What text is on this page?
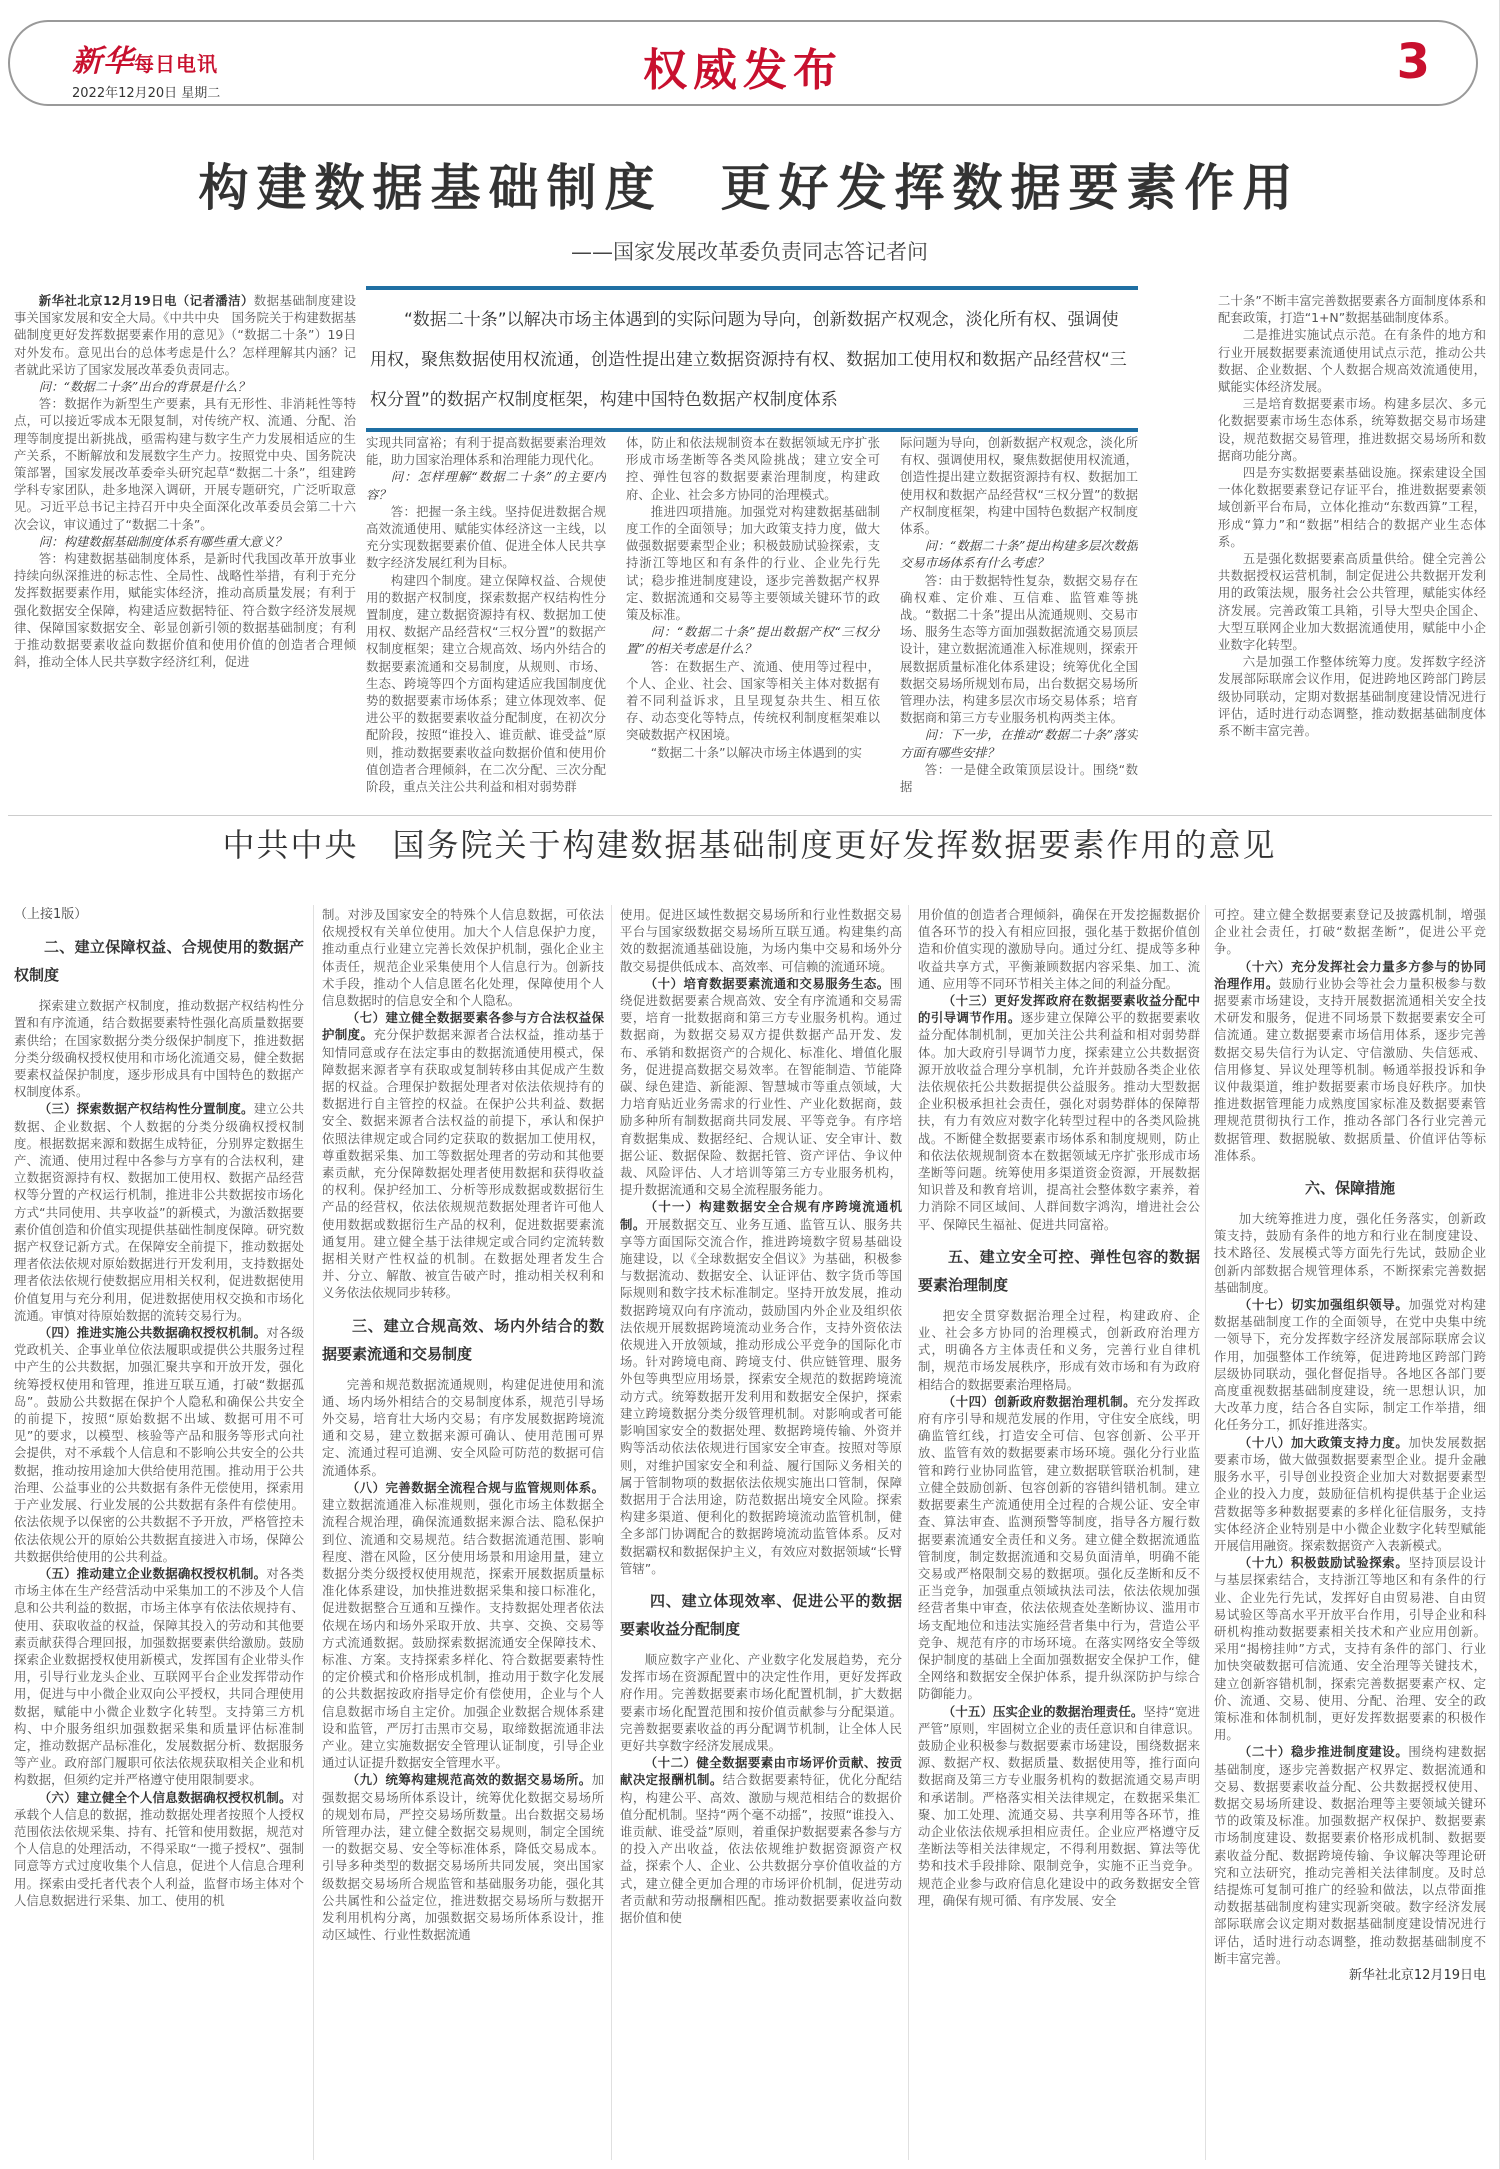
新华每日电讯
2022年12月20日 星期二	权威发布	3
构建数据基础制度　更好发挥数据要素作用
——国家发展改革委负责同志答记者问

“数据二十条”以解决市场主体遇到的实际问题为导向，创新数据产权观念，淡化所有权、强调使用权，聚焦数据使用权流通，创造性提出建立数据资源持有权、数据加工使用权和数据产品经营权“三权分置”的数据产权制度框架，构建中国特色数据产权制度体系

新华社北京12月19日电（记者潘洁）数据基础制度建设事关国家发展和安全大局。《中共中央　国务院关于构建数据基础制度更好发挥数据要素作用的意见》（“数据二十条”）19日对外发布。意见出台的总体考虑是什么？怎样理解其内涵？记者就此采访了国家发展改革委负责同志。

问：“数据二十条”出台的背景是什么？

答：数据作为新型生产要素，具有无形性、非消耗性等特点，可以接近零成本无限复制，对传统产权、流通、分配、治理等制度提出新挑战，亟需构建与数字生产力发展相适应的生产关系，不断解放和发展数字生产力。按照党中央、国务院决策部署，国家发展改革委牵头研究起草“数据二十条”，组建跨学科专家团队，赴多地深入调研，开展专题研究，广泛听取意见。习近平总书记主持召开中央全面深化改革委员会第二十六次会议，审议通过了“数据二十条”。

问：构建数据基础制度体系有哪些重大意义？

答：构建数据基础制度体系，是新时代我国改革开放事业持续向纵深推进的标志性、全局性、战略性举措，有利于充分发挥数据要素作用，赋能实体经济，推动高质量发展；有利于强化数据安全保障，构建适应数据特征、符合数字经济发展规律、保障国家数据安全、彰显创新引领的数据基础制度；有利于推动数据要素收益向数据价值和使用价值的创造者合理倾斜，推动全体人民共享数字经济红利，促进

实现共同富裕；有利于提高数据要素治理效能，助力国家治理体系和治理能力现代化。

问：怎样理解“数据二十条”的主要内容？

答：把握一条主线。坚持促进数据合规高效流通使用、赋能实体经济这一主线，以充分实现数据要素价值、促进全体人民共享数字经济发展红利为目标。

构建四个制度。建立保障权益、合规使用的数据产权制度，探索数据产权结构性分置制度，建立数据资源持有权、数据加工使用权、数据产品经营权“三权分置”的数据产权制度框架；建立合规高效、场内外结合的数据要素流通和交易制度，从规则、市场、生态、跨境等四个方面构建适应我国制度优势的数据要素市场体系；建立体现效率、促进公平的数据要素收益分配制度，在初次分配阶段，按照“谁投入、谁贡献、谁受益”原则，推动数据要素收益向数据价值和使用价值创造者合理倾斜，在二次分配、三次分配阶段，重点关注公共利益和相对弱势群

体，防止和依法规制资本在数据领域无序扩张形成市场垄断等各类风险挑战；建立安全可控、弹性包容的数据要素治理制度，构建政府、企业、社会多方协同的治理模式。

推进四项措施。加强党对构建数据基础制度工作的全面领导；加大政策支持力度，做大做强数据要素型企业；积极鼓励试验探索，支持浙江等地区和有条件的行业、企业先行先试；稳步推进制度建设，逐步完善数据产权界定、数据流通和交易等主要领域关键环节的政策及标准。

问：“数据二十条”提出数据产权“三权分置”的相关考虑是什么？

答：在数据生产、流通、使用等过程中，个人、企业、社会、国家等相关主体对数据有着不同利益诉求，且呈现复杂共生、相互依存、动态变化等特点，传统权利制度框架难以突破数据产权困境。

“数据二十条”以解决市场主体遇到的实

际问题为导向，创新数据产权观念，淡化所有权、强调使用权，聚焦数据使用权流通，创造性提出建立数据资源持有权、数据加工使用权和数据产品经营权“三权分置”的数据产权制度框架，构建中国特色数据产权制度体系。

问：“数据二十条”提出构建多层次数据交易市场体系有什么考虑？

答：由于数据特性复杂，数据交易存在确权难、定价难、互信难、监管难等挑战。“数据二十条”提出从流通规则、交易市场、服务生态等方面加强数据流通交易顶层设计，建立数据流通准入标准规则，探索开展数据质量标准化体系建设；统筹优化全国数据交易场所规划布局，出台数据交易场所管理办法，构建多层次市场交易体系；培育数据商和第三方专业服务机构两类主体。

问：下一步，在推动“数据二十条”落实方面有哪些安排？

答：一是健全政策顶层设计。围绕“数据

二十条”不断丰富完善数据要素各方面制度体系和配套政策，打造“1+N”数据基础制度体系。

二是推进实施试点示范。在有条件的地方和行业开展数据要素流通使用试点示范，推动公共数据、企业数据、个人数据合规高效流通使用，赋能实体经济发展。

三是培育数据要素市场。构建多层次、多元化数据要素市场生态体系，统筹数据交易市场建设，规范数据交易管理，推进数据交易场所和数据商功能分离。

四是夯实数据要素基础设施。探索建设全国一体化数据要素登记存证平台，推进数据要素领域创新平台布局，立体化推动“东数西算”工程，形成“算力”和“数据”相结合的数据产业生态体系。

五是强化数据要素高质量供给。健全完善公共数据授权运营机制，制定促进公共数据开发利用的政策法规，服务社会公共管理，赋能实体经济发展。完善政策工具箱，引导大型央企国企、大型互联网企业加大数据流通使用，赋能中小企业数字化转型。

六是加强工作整体统筹力度。发挥数字经济发展部际联席会议作用，促进跨地区跨部门跨层级协同联动，定期对数据基础制度建设情况进行评估，适时进行动态调整，推动数据基础制度体系不断丰富完善。

中共中央　国务院关于构建数据基础制度更好发挥数据要素作用的意见

（上接1版）

二、建立保障权益、合规使用的数据产权制度

探索建立数据产权制度，推动数据产权结构性分置和有序流通，结合数据要素特性强化高质量数据要素供给；在国家数据分类分级保护制度下，推进数据分类分级确权授权使用和市场化流通交易，健全数据要素权益保护制度，逐步形成具有中国特色的数据产权制度体系。

（三）探索数据产权结构性分置制度。建立公共数据、企业数据、个人数据的分类分级确权授权制度。根据数据来源和数据生成特征，分别界定数据生产、流通、使用过程中各参与方享有的合法权利，建立数据资源持有权、数据加工使用权、数据产品经营权等分置的产权运行机制，推进非公共数据按市场化方式“共同使用、共享收益”的新模式，为激活数据要素价值创造和价值实现提供基础性制度保障。研究数据产权登记新方式。在保障安全前提下，推动数据处理者依法依规对原始数据进行开发利用，支持数据处理者依法依规行使数据应用相关权利，促进数据使用价值复用与充分利用，促进数据使用权交换和市场化流通。审慎对待原始数据的流转交易行为。

（四）推进实施公共数据确权授权机制。对各级党政机关、企事业单位依法履职或提供公共服务过程中产生的公共数据，加强汇聚共享和开放开发，强化统筹授权使用和管理，推进互联互通，打破“数据孤岛”。鼓励公共数据在保护个人隐私和确保公共安全的前提下，按照“原始数据不出域、数据可用不可见”的要求，以模型、核验等产品和服务等形式向社会提供，对不承载个人信息和不影响公共安全的公共数据，推动按用途加大供给使用范围。推动用于公共治理、公益事业的公共数据有条件无偿使用，探索用于产业发展、行业发展的公共数据有条件有偿使用。依法依规予以保密的公共数据不予开放，严格管控未依法依规公开的原始公共数据直接进入市场，保障公共数据供给使用的公共利益。

（五）推动建立企业数据确权授权机制。对各类市场主体在生产经营活动中采集加工的不涉及个人信息和公共利益的数据，市场主体享有依法依规持有、使用、获取收益的权益，保障其投入的劳动和其他要素贡献获得合理回报，加强数据要素供给激励。鼓励探索企业数据授权使用新模式，发挥国有企业带头作用，引导行业龙头企业、互联网平台企业发挥带动作用，促进与中小微企业双向公平授权，共同合理使用数据，赋能中小微企业数字化转型。支持第三方机构、中介服务组织加强数据采集和质量评估标准制定，推动数据产品标准化，发展数据分析、数据服务等产业。政府部门履职可依法依规获取相关企业和机构数据，但须约定并严格遵守使用限制要求。

（六）建立健全个人信息数据确权授权机制。对承载个人信息的数据，推动数据处理者按照个人授权范围依法依规采集、持有、托管和使用数据，规范对个人信息的处理活动，不得采取“一揽子授权”、强制同意等方式过度收集个人信息，促进个人信息合理利用。探索由受托者代表个人利益，监督市场主体对个人信息数据进行采集、加工、使用的机

制。对涉及国家安全的特殊个人信息数据，可依法依规授权有关单位使用。加大个人信息保护力度，推动重点行业建立完善长效保护机制，强化企业主体责任，规范企业采集使用个人信息行为。创新技术手段，推动个人信息匿名化处理，保障使用个人信息数据时的信息安全和个人隐私。

（七）建立健全数据要素各参与方合法权益保护制度。充分保护数据来源者合法权益，推动基于知情同意或存在法定事由的数据流通使用模式，保障数据来源者享有获取或复制转移由其促成产生数据的权益。合理保护数据处理者对依法依规持有的数据进行自主管控的权益。在保护公共利益、数据安全、数据来源者合法权益的前提下，承认和保护依照法律规定或合同约定获取的数据加工使用权，尊重数据采集、加工等数据处理者的劳动和其他要素贡献，充分保障数据处理者使用数据和获得收益的权利。保护经加工、分析等形成数据或数据衍生产品的经营权，依法依规规范数据处理者许可他人使用数据或数据衍生产品的权利，促进数据要素流通复用。建立健全基于法律规定或合同约定流转数据相关财产性权益的机制。在数据处理者发生合并、分立、解散、被宣告破产时，推动相关权利和义务依法依规同步转移。

三、建立合规高效、场内外结合的数据要素流通和交易制度

完善和规范数据流通规则，构建促进使用和流通、场内场外相结合的交易制度体系，规范引导场外交易，培育壮大场内交易；有序发展数据跨境流通和交易，建立数据来源可确认、使用范围可界定、流通过程可追溯、安全风险可防范的数据可信流通体系。

（八）完善数据全流程合规与监管规则体系。建立数据流通准入标准规则，强化市场主体数据全流程合规治理，确保流通数据来源合法、隐私保护到位、流通和交易规范。结合数据流通范围、影响程度、潜在风险，区分使用场景和用途用量，建立数据分类分级授权使用规范，探索开展数据质量标准化体系建设，加快推进数据采集和接口标准化，促进数据整合互通和互操作。支持数据处理者依法依规在场内和场外采取开放、共享、交换、交易等方式流通数据。鼓励探索数据流通安全保障技术、标准、方案。支持探索多样化、符合数据要素特性的定价模式和价格形成机制，推动用于数字化发展的公共数据按政府指导定价有偿使用，企业与个人信息数据市场自主定价。加强企业数据合规体系建设和监管，严厉打击黑市交易，取缔数据流通非法产业。建立实施数据安全管理认证制度，引导企业通过认证提升数据安全管理水平。

（九）统筹构建规范高效的数据交易场所。加强数据交易场所体系设计，统筹优化数据交易场所的规划布局，严控交易场所数量。出台数据交易场所管理办法，建立健全数据交易规则，制定全国统一的数据交易、安全等标准体系，降低交易成本。引导多种类型的数据交易场所共同发展，突出国家级数据交易场所合规监管和基础服务功能，强化其公共属性和公益定位，推进数据交易场所与数据开发利用机构分离，加强数据交易场所体系设计，推动区域性、行业性数据流通

使用。促进区域性数据交易场所和行业性数据交易平台与国家级数据交易场所互联互通。构建集约高效的数据流通基础设施，为场内集中交易和场外分散交易提供低成本、高效率、可信赖的流通环境。

（十）培育数据要素流通和交易服务生态。围绕促进数据要素合规高效、安全有序流通和交易需要，培育一批数据商和第三方专业服务机构。通过数据商，为数据交易双方提供数据产品开发、发布、承销和数据资产的合规化、标准化、增值化服务，促进提高数据交易效率。在智能制造、节能降碳、绿色建造、新能源、智慧城市等重点领域，大力培育贴近业务需求的行业性、产业化数据商，鼓励多种所有制数据商共同发展、平等竞争。有序培育数据集成、数据经纪、合规认证、安全审计、数据公证、数据保险、数据托管、资产评估、争议仲裁、风险评估、人才培训等第三方专业服务机构，提升数据流通和交易全流程服务能力。

（十一）构建数据安全合规有序跨境流通机制。开展数据交互、业务互通、监管互认、服务共享等方面国际交流合作，推进跨境数字贸易基础设施建设，以《全球数据安全倡议》为基础，积极参与数据流动、数据安全、认证评估、数字货币等国际规则和数字技术标准制定。坚持开放发展，推动数据跨境双向有序流动，鼓励国内外企业及组织依法依规开展数据跨境流动业务合作，支持外资依法依规进入开放领域，推动形成公平竞争的国际化市场。针对跨境电商、跨境支付、供应链管理、服务外包等典型应用场景，探索安全规范的数据跨境流动方式。统筹数据开发利用和数据安全保护，探索建立跨境数据分类分级管理机制。对影响或者可能影响国家安全的数据处理、数据跨境传输、外资并购等活动依法依规进行国家安全审查。按照对等原则，对维护国家安全和利益、履行国际义务相关的属于管制物项的数据依法依规实施出口管制，保障数据用于合法用途，防范数据出境安全风险。探索构建多渠道、便利化的数据跨境流动监管机制，健全多部门协调配合的数据跨境流动监管体系。反对数据霸权和数据保护主义，有效应对数据领域“长臂管辖”。

四、建立体现效率、促进公平的数据要素收益分配制度

顺应数字产业化、产业数字化发展趋势，充分发挥市场在资源配置中的决定性作用，更好发挥政府作用。完善数据要素市场化配置机制，扩大数据要素市场化配置范围和按价值贡献参与分配渠道。完善数据要素收益的再分配调节机制，让全体人民更好共享数字经济发展成果。

（十二）健全数据要素由市场评价贡献、按贡献决定报酬机制。结合数据要素特征，优化分配结构，构建公平、高效、激励与规范相结合的数据价值分配机制。坚持“两个毫不动摇”，按照“谁投入、谁贡献、谁受益”原则，着重保护数据要素各参与方的投入产出收益，依法依规维护数据资源资产权益，探索个人、企业、公共数据分享价值收益的方式，建立健全更加合理的市场评价机制，促进劳动者贡献和劳动报酬相匹配。推动数据要素收益向数据价值和使

用价值的创造者合理倾斜，确保在开发挖掘数据价值各环节的投入有相应回报，强化基于数据价值创造和价值实现的激励导向。通过分红、提成等多种收益共享方式，平衡兼顾数据内容采集、加工、流通、应用等不同环节相关主体之间的利益分配。

（十三）更好发挥政府在数据要素收益分配中的引导调节作用。逐步建立保障公平的数据要素收益分配体制机制，更加关注公共利益和相对弱势群体。加大政府引导调节力度，探索建立公共数据资源开放收益合理分享机制，允许并鼓励各类企业依法依规依托公共数据提供公益服务。推动大型数据企业积极承担社会责任，强化对弱势群体的保障帮扶，有力有效应对数字化转型过程中的各类风险挑战。不断健全数据要素市场体系和制度规则，防止和依法依规规制资本在数据领域无序扩张形成市场垄断等问题。统筹使用多渠道资金资源，开展数据知识普及和教育培训，提高社会整体数字素养，着力消除不同区域间、人群间数字鸿沟，增进社会公平、保障民生福祉、促进共同富裕。

五、建立安全可控、弹性包容的数据要素治理制度

把安全贯穿数据治理全过程，构建政府、企业、社会多方协同的治理模式，创新政府治理方式，明确各方主体责任和义务，完善行业自律机制，规范市场发展秩序，形成有效市场和有为政府相结合的数据要素治理格局。

（十四）创新政府数据治理机制。充分发挥政府有序引导和规范发展的作用，守住安全底线，明确监管红线，打造安全可信、包容创新、公平开放、监管有效的数据要素市场环境。强化分行业监管和跨行业协同监管，建立数据联管联治机制，建立健全鼓励创新、包容创新的容错纠错机制。建立数据要素生产流通使用全过程的合规公证、安全审查、算法审查、监测预警等制度，指导各方履行数据要素流通安全责任和义务。建立健全数据流通监管制度，制定数据流通和交易负面清单，明确不能交易或严格限制交易的数据项。强化反垄断和反不正当竞争，加强重点领域执法司法，依法依规加强经营者集中审查，依法依规查处垄断协议、滥用市场支配地位和违法实施经营者集中行为，营造公平竞争、规范有序的市场环境。在落实网络安全等级保护制度的基础上全面加强数据安全保护工作，健全网络和数据安全保护体系，提升纵深防护与综合防御能力。

（十五）压实企业的数据治理责任。坚持“宽进严管”原则，牢固树立企业的责任意识和自律意识。鼓励企业积极参与数据要素市场建设，围绕数据来源、数据产权、数据质量、数据使用等，推行面向数据商及第三方专业服务机构的数据流通交易声明和承诺制。严格落实相关法律规定，在数据采集汇聚、加工处理、流通交易、共享利用等各环节，推动企业依法依规承担相应责任。企业应严格遵守反垄断法等相关法律规定，不得利用数据、算法等优势和技术手段排除、限制竞争，实施不正当竞争。规范企业参与政府信息化建设中的政务数据安全管理，确保有规可循、有序发展、安全

可控。建立健全数据要素登记及披露机制，增强企业社会责任，打破“数据垄断”，促进公平竞争。

（十六）充分发挥社会力量多方参与的协同治理作用。鼓励行业协会等社会力量积极参与数据要素市场建设，支持开展数据流通相关安全技术研发和服务，促进不同场景下数据要素安全可信流通。建立数据要素市场信用体系，逐步完善数据交易失信行为认定、守信激励、失信惩戒、信用修复、异议处理等机制。畅通举报投诉和争议仲裁渠道，维护数据要素市场良好秩序。加快推进数据管理能力成熟度国家标准及数据要素管理规范贯彻执行工作，推动各部门各行业完善元数据管理、数据脱敏、数据质量、价值评估等标准体系。

六、保障措施

加大统筹推进力度，强化任务落实，创新政策支持，鼓励有条件的地方和行业在制度建设、技术路径、发展模式等方面先行先试，鼓励企业创新内部数据合规管理体系，不断探索完善数据基础制度。

（十七）切实加强组织领导。加强党对构建数据基础制度工作的全面领导，在党中央集中统一领导下，充分发挥数字经济发展部际联席会议作用，加强整体工作统筹，促进跨地区跨部门跨层级协同联动，强化督促指导。各地区各部门要高度重视数据基础制度建设，统一思想认识，加大改革力度，结合各自实际，制定工作举措，细化任务分工，抓好推进落实。

（十八）加大政策支持力度。加快发展数据要素市场，做大做强数据要素型企业。提升金融服务水平，引导创业投资企业加大对数据要素型企业的投入力度，鼓励征信机构提供基于企业运营数据等多种数据要素的多样化征信服务，支持实体经济企业特别是中小微企业数字化转型赋能开展信用融资。探索数据资产入表新模式。

（十九）积极鼓励试验探索。坚持顶层设计与基层探索结合，支持浙江等地区和有条件的行业、企业先行先试，发挥好自由贸易港、自由贸易试验区等高水平开放平台作用，引导企业和科研机构推动数据要素相关技术和产业应用创新。采用“揭榜挂帅”方式，支持有条件的部门、行业加快突破数据可信流通、安全治理等关键技术，建立创新容错机制，探索完善数据要素产权、定价、流通、交易、使用、分配、治理、安全的政策标准和体制机制，更好发挥数据要素的积极作用。

（二十）稳步推进制度建设。围绕构建数据基础制度，逐步完善数据产权界定、数据流通和交易、数据要素收益分配、公共数据授权使用、数据交易场所建设、数据治理等主要领域关键环节的政策及标准。加强数据产权保护、数据要素市场制度建设、数据要素价格形成机制、数据要素收益分配、数据跨境传输、争议解决等理论研究和立法研究，推动完善相关法律制度。及时总结提炼可复制可推广的经验和做法，以点带面推动数据基础制度构建实现新突破。数字经济发展部际联席会议定期对数据基础制度建设情况进行评估，适时进行动态调整，推动数据基础制度不断丰富完善。

新华社北京12月19日电
